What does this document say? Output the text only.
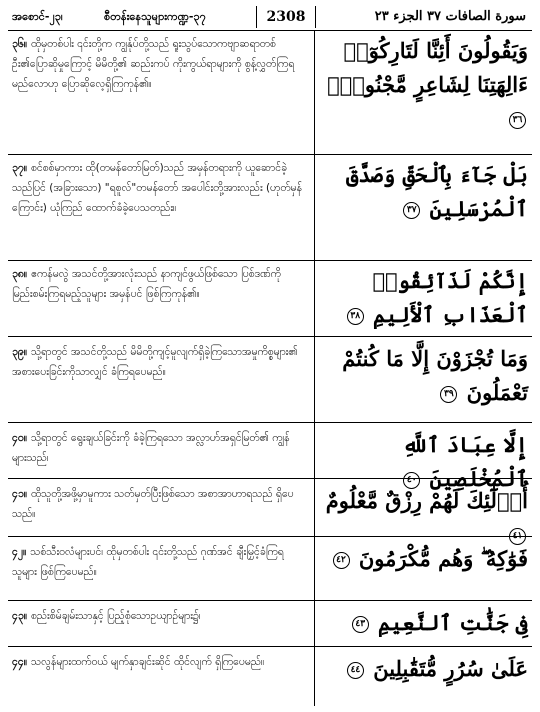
အစောင်-၂၃၊	စီတန်းနေသူများကဏ္ဍ-၃၇	2308	سورة الصافات ٣٧ الجزء ٢٣
၃၆။ ထိုမှတစ်ပါး ၎င်းတို့က ကျွန်ုပ်တို့သည် ရူးသွပ်သောကဗျာဆရာတစ်ဦး၏ပြောဆိုမှုကြောင့် မိမိတို့၏ ဆည်းကပ် ကိုးကွယ်ရာများကို စွန့်လွှတ်ကြရမည်လောဟု ပြောဆိုလေ့ရှိကြကုန်၏။
وَيَقُولُونَ أَئِنَّا لَتَارِكُوٓا۟ ءَالِهَتِنَا لِشَاعِرٍ مَّجْنُونٍۭ ٣٦
၃၇။ စင်စစ်မှာကား ထို(တမန်တော်မြတ်)သည် အမှန်တရားကို ယူဆောင်ခဲ့သည်ပြင် (အခြားသော) "ရစူလ်"တမန်တော် အပေါင်းတို့အားလည်း (ဟုတ်မှန်ကြောင်း) ယုံကြည် ထောက်ခံခဲ့ပေသတည်း။
بَلْ جَآءَ بِٱلْحَقِّ وَصَدَّقَ ٱلْمُرْسَلِينَ ٣٧
၃၈။ ဧကန်မလွဲ အသင်တို့အားလုံးသည် နာကျင်ဖွယ်ဖြစ်သော ပြစ်ဒဏ်ကို မြည်းစမ်းကြရမည့်သူများ အမှန်ပင် ဖြစ်ကြကုန်၏။
إِنَّكُمْ لَذَآئِقُوا۟ ٱلْعَذَابِ ٱلْأَلِيمِ ٣٨
၃၉။ သို့ရာတွင် အသင်တို့သည် မိမိတို့ကျင့်မူလျက်ရှိခဲ့ကြသောအမှုကိစ္စများ၏ အစားပေးခြင်းကိုသာလျှင် ခံကြရပေမည်။
وَمَا تُجْزَوْنَ إِلَّا مَا كُنتُمْ تَعْمَلُونَ ٣٩
၄၀။ သို့ရာတွင် ရွေးချယ်ခြင်းကို ခံခဲ့ကြရသော အလ္လာဟ်အရှင်မြတ်၏ ကျွန်များသည်၊
إِلَّا عِبَادَ ٱللَّهِ ٱلْمُخْلَصِينَ ٤٠
၄၁။ ထိုသူတို့အဖို့မှာမူကား သတ်မှတ်ပြီးဖြစ်သော အစာအာဟာရသည် ရှိပေသည်။
أُو۟لَٰٓئِكَ لَهُمْ رِزْقٌ مَّعْلُومٌ ٤١
၄၂။ သစ်သီးဝလံများပင်၊ ထိုမှတစ်ပါး ၎င်းတို့သည် ဂုဏ်အင် ချီးမြှင့်ခံကြရသူများ ဖြစ်ကြပေမည်။
فَوَٰكِهُ ۖ وَهُم مُّكْرَمُونَ ٤٢
၄၃။ စည်းစိမ်ချမ်းသာနှင့် ပြည့်စုံသောဥယျာဉ်များ၌၊	فِى جَنَّٰتِ ٱلنَّعِيمِ ٤٣
၄၄။ သလွန်များထက်ဝယ် မျက်နှာချင်းဆိုင် ထိုင်လျက် ရှိကြပေမည်။	عَلَىٰ سُرُرٍ مُّتَقَٰبِلِينَ ٤٤
